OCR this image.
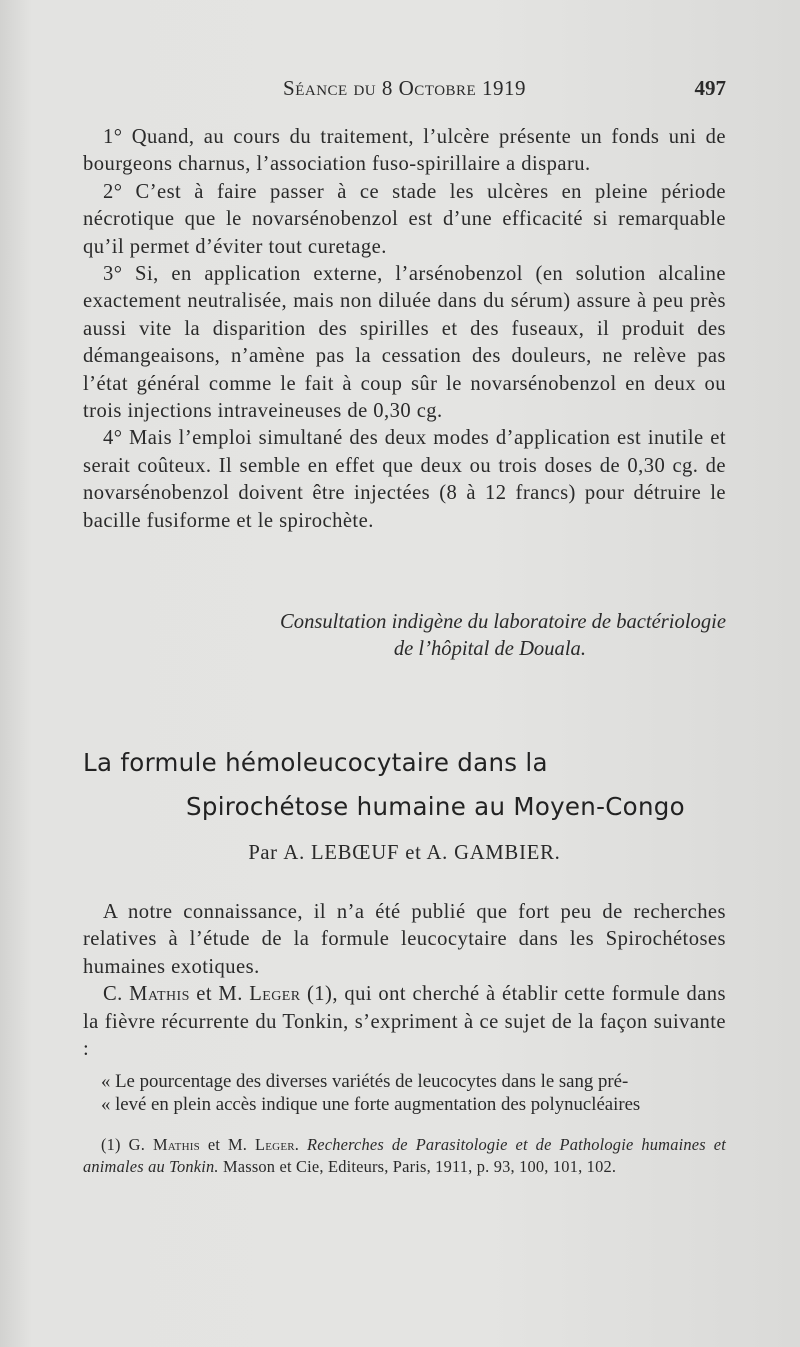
Séance du 8 Octobre 1919	497

1° Quand, au cours du traitement, l’ulcère présente un fonds uni de bourgeons charnus, l’association fuso-spirillaire a disparu.

2° C’est à faire passer à ce stade les ulcères en pleine période nécrotique que le novarsénobenzol est d’une efficacité si remarquable qu’il permet d’éviter tout curetage.

3° Si, en application externe, l’arsénobenzol (en solution alcaline exactement neutralisée, mais non diluée dans du sérum) assure à peu près aussi vite la disparition des spirilles et des fuseaux, il produit des démangeaisons, n’amène pas la cessation des douleurs, ne relève pas l’état général comme le fait à coup sûr le novarsénobenzol en deux ou trois injections intraveineuses de 0,30 cg.

4° Mais l’emploi simultané des deux modes d’application est inutile et serait coûteux. Il semble en effet que deux ou trois doses de 0,30 cg. de novarsénobenzol doivent être injectées (8 à 12 francs) pour détruire le bacille fusiforme et le spirochète.

Consultation indigène du laboratoire de bactériologie
de l’hôpital de Douala.
La formule hémoleucocytaire dans la
Spirochétose humaine au Moyen-Congo
Par A. LEBŒUF et A. GAMBIER.

A notre connaissance, il n’a été publié que fort peu de recherches relatives à l’étude de la formule leucocytaire dans les Spirochétoses humaines exotiques.

C. Mathis et M. Leger (1), qui ont cherché à établir cette formule dans la fièvre récurrente du Tonkin, s’expriment à ce sujet de la façon suivante :

« Le pourcentage des diverses variétés de leucocytes dans le sang pré-
« levé en plein accès indique une forte augmentation des polynucléaires

(1) G. Mathis et M. Leger. Recherches de Parasitologie et de Pathologie humaines et animales au Tonkin. Masson et Cie, Editeurs, Paris, 1911, p. 93, 100, 101, 102.
